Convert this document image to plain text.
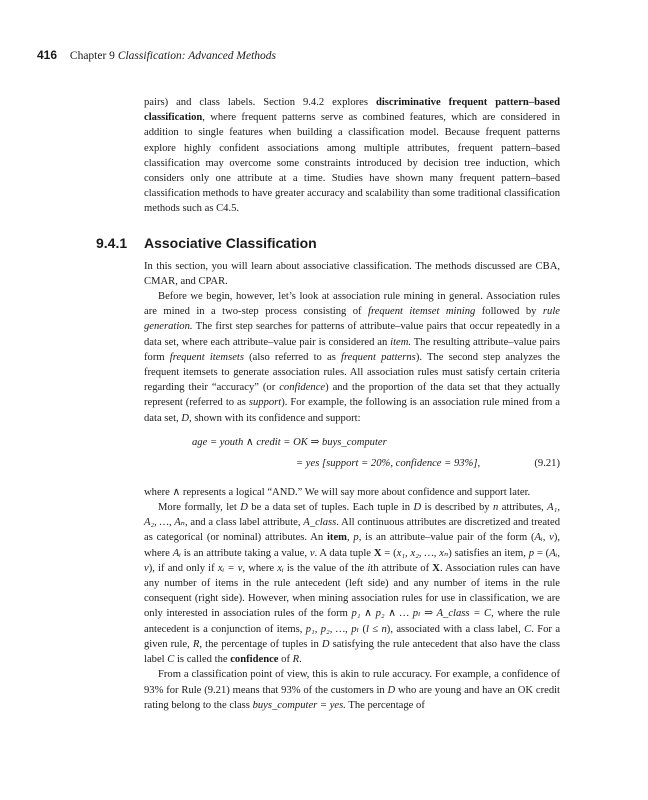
416 Chapter 9 Classification: Advanced Methods

pairs) and class labels. Section 9.4.2 explores discriminative frequent pattern–based classification, where frequent patterns serve as combined features, which are considered in addition to single features when building a classification model. Because frequent patterns explore highly confident associations among multiple attributes, frequent pattern–based classification may overcome some constraints introduced by decision tree induction, which considers only one attribute at a time. Studies have shown many frequent pattern–based classification methods to have greater accuracy and scalability than some traditional classification methods such as C4.5.

9.4.1 Associative Classification

In this section, you will learn about associative classification. The methods discussed are CBA, CMAR, and CPAR.

Before we begin, however, let’s look at association rule mining in general. Association rules are mined in a two-step process consisting of frequent itemset mining followed by rule generation. The first step searches for patterns of attribute–value pairs that occur repeatedly in a data set, where each attribute–value pair is considered an item. The resulting attribute–value pairs form frequent itemsets (also referred to as frequent patterns). The second step analyzes the frequent itemsets to generate association rules. All association rules must satisfy certain criteria regarding their “accuracy” (or confidence) and the proportion of the data set that they actually represent (referred to as support). For example, the following is an association rule mined from a data set, D, shown with its confidence and support:

age = youth ∧ credit = OK ⇒ buys_computer
= yes [support = 20%, confidence = 93%],	(9.21)

where ∧ represents a logical “AND.” We will say more about confidence and support later.

More formally, let D be a data set of tuples. Each tuple in D is described by n attributes, A₁, A₂, …, Aₙ, and a class label attribute, A_class. All continuous attributes are discretized and treated as categorical (or nominal) attributes. An item, p, is an attribute–value pair of the form (Aᵢ, v), where Aᵢ is an attribute taking a value, v. A data tuple X = (x₁, x₂, …, xₙ) satisfies an item, p = (Aᵢ, v), if and only if xᵢ = v, where xᵢ is the value of the ith attribute of X. Association rules can have any number of items in the rule antecedent (left side) and any number of items in the rule consequent (right side). However, when mining association rules for use in classification, we are only interested in association rules of the form p₁ ∧ p₂ ∧ … pₗ ⇒ A_class = C, where the rule antecedent is a conjunction of items, p₁, p₂, …, pₗ (l ≤ n), associated with a class label, C. For a given rule, R, the percentage of tuples in D satisfying the rule antecedent that also have the class label C is called the confidence of R.

From a classification point of view, this is akin to rule accuracy. For example, a confidence of 93% for Rule (9.21) means that 93% of the customers in D who are young and have an OK credit rating belong to the class buys_computer = yes. The percentage of
